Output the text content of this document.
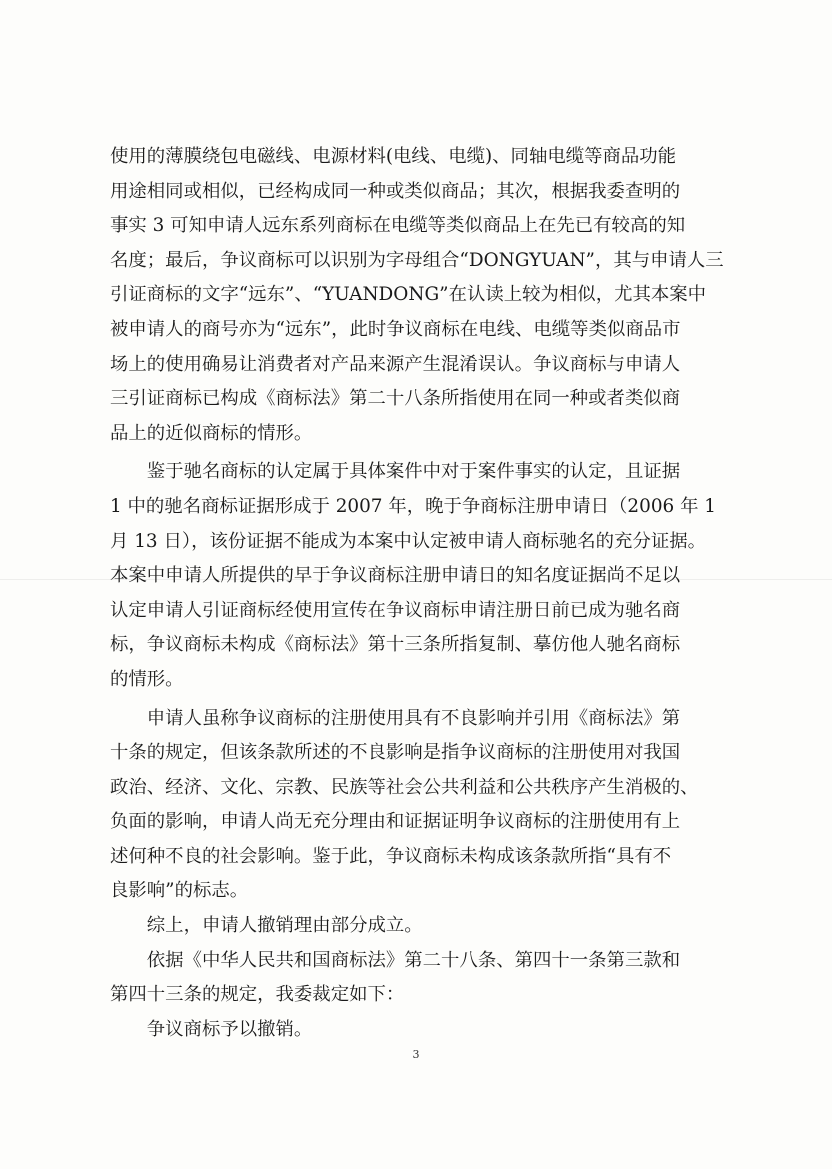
使用的薄膜绕包电磁线、电源材料(电线、电缆)、同轴电缆等商品功能
用途相同或相似，已经构成同一种或类似商品；其次，根据我委查明的
事实 3 可知申请人远东系列商标在电缆等类似商品上在先已有较高的知
名度；最后，争议商标可以识别为字母组合“DONGYUAN”，其与申请人三
引证商标的文字“远东”、“YUANDONG”在认读上较为相似，尤其本案中
被申请人的商号亦为“远东”，此时争议商标在电线、电缆等类似商品市
场上的使用确易让消费者对产品来源产生混淆误认。争议商标与申请人
三引证商标已构成《商标法》第二十八条所指使用在同一种或者类似商
品上的近似商标的情形。
　　鉴于驰名商标的认定属于具体案件中对于案件事实的认定，且证据
1 中的驰名商标证据形成于 2007 年，晚于争商标注册申请日（2006 年 1
月 13 日），该份证据不能成为本案中认定被申请人商标驰名的充分证据。
本案中申请人所提供的早于争议商标注册申请日的知名度证据尚不足以
认定申请人引证商标经使用宣传在争议商标申请注册日前已成为驰名商
标，争议商标未构成《商标法》第十三条所指复制、摹仿他人驰名商标
的情形。
　　申请人虽称争议商标的注册使用具有不良影响并引用《商标法》第
十条的规定，但该条款所述的不良影响是指争议商标的注册使用对我国
政治、经济、文化、宗教、民族等社会公共利益和公共秩序产生消极的、
负面的影响，申请人尚无充分理由和证据证明争议商标的注册使用有上
述何种不良的社会影响。鉴于此，争议商标未构成该条款所指“具有不
良影响”的标志。
　　综上，申请人撤销理由部分成立。
　　依据《中华人民共和国商标法》第二十八条、第四十一条第三款和
第四十三条的规定，我委裁定如下：
　　争议商标予以撤销。
3
